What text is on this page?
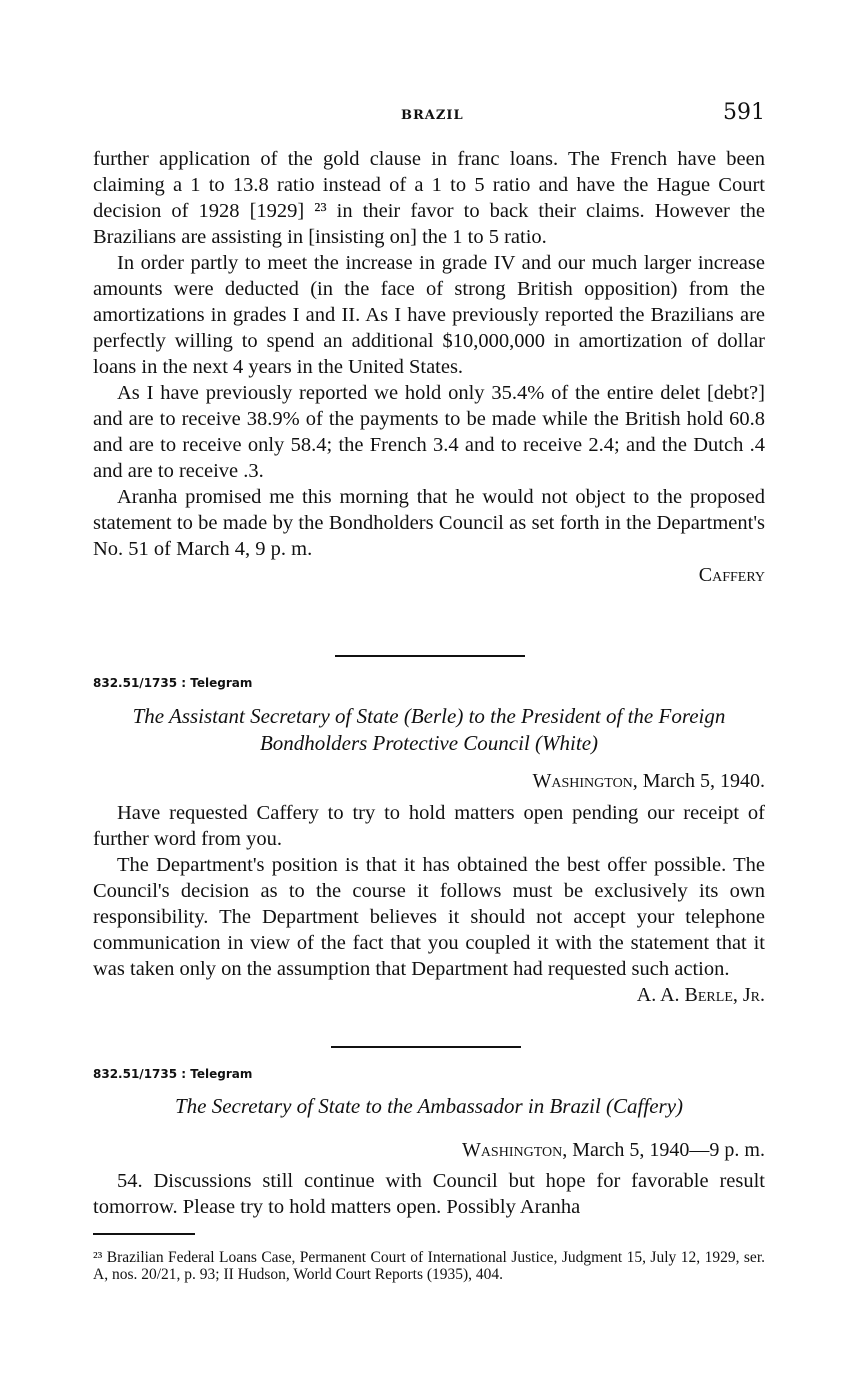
BRAZIL	591

further application of the gold clause in franc loans. The French have been claiming a 1 to 13.8 ratio instead of a 1 to 5 ratio and have the Hague Court decision of 1928 [1929] ²³ in their favor to back their claims. However the Brazilians are assisting in [insisting on] the 1 to 5 ratio.

In order partly to meet the increase in grade IV and our much larger increase amounts were deducted (in the face of strong British opposition) from the amortizations in grades I and II. As I have previously reported the Brazilians are perfectly willing to spend an additional $10,000,000 in amortization of dollar loans in the next 4 years in the United States.

As I have previously reported we hold only 35.4% of the entire delet [debt?] and are to receive 38.9% of the payments to be made while the British hold 60.8 and are to receive only 58.4; the French 3.4 and to receive 2.4; and the Dutch .4 and are to receive .3.

Aranha promised me this morning that he would not object to the proposed statement to be made by the Bondholders Council as set forth in the Department's No. 51 of March 4, 9 p. m.

Caffery

832.51/1735 : Telegram
The Assistant Secretary of State (Berle) to the President of the Foreign Bondholders Protective Council (White)
Washington, March 5, 1940.

Have requested Caffery to try to hold matters open pending our receipt of further word from you.

The Department's position is that it has obtained the best offer possible. The Council's decision as to the course it follows must be exclusively its own responsibility. The Department believes it should not accept your telephone communication in view of the fact that you coupled it with the statement that it was taken only on the assumption that Department had requested such action.

A. A. Berle, Jr.

832.51/1735 : Telegram
The Secretary of State to the Ambassador in Brazil (Caffery)
Washington, March 5, 1940—9 p. m.

54. Discussions still continue with Council but hope for favorable result tomorrow. Please try to hold matters open. Possibly Aranha

²³ Brazilian Federal Loans Case, Permanent Court of International Justice, Judgment 15, July 12, 1929, ser. A, nos. 20/21, p. 93; II Hudson, World Court Reports (1935), 404.
